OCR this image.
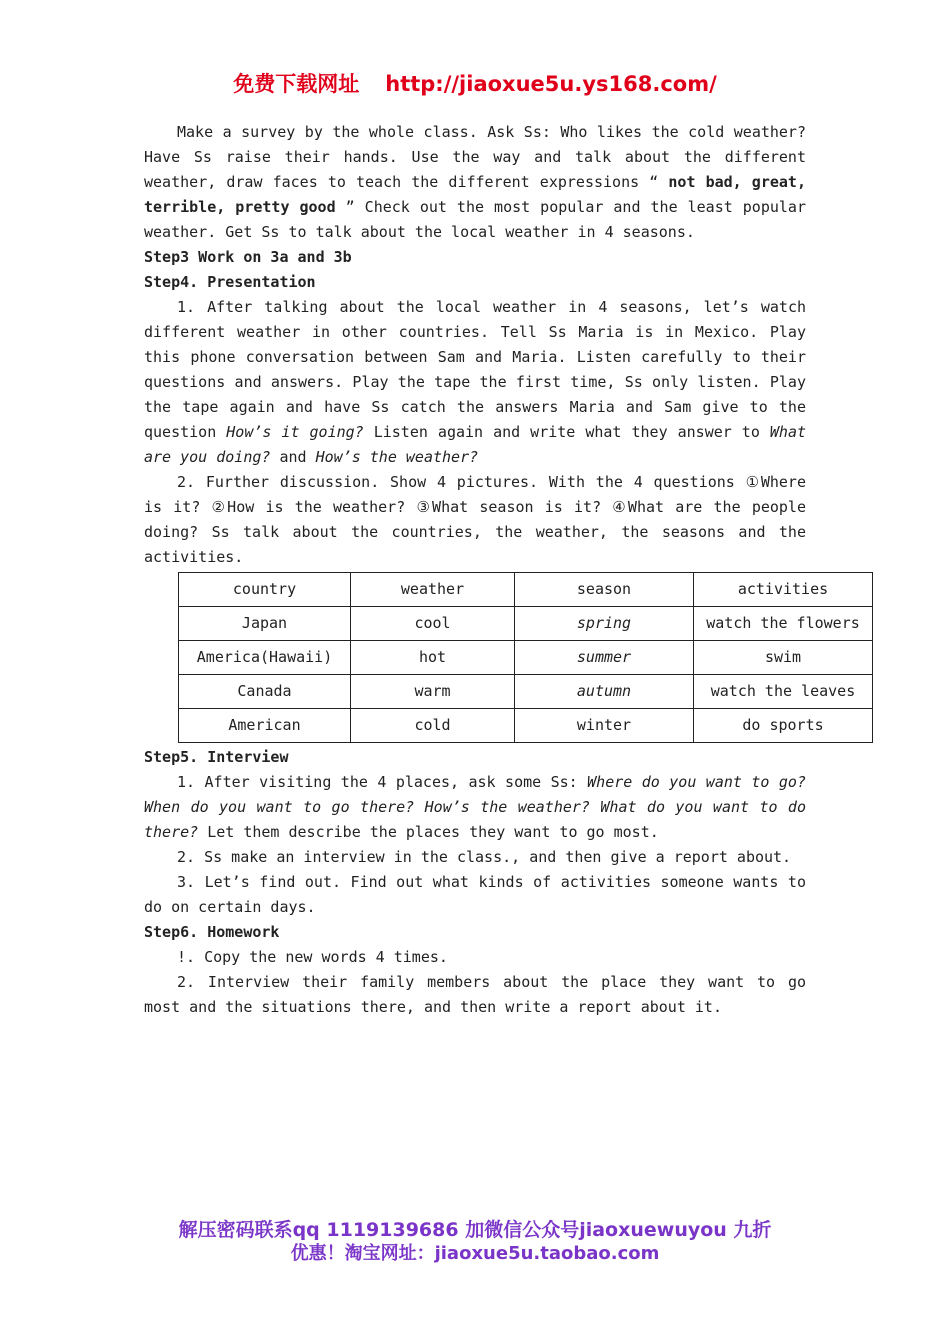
免费下载网址 http://jiaoxue5u.ys168.com/

Make a survey by the whole class. Ask Ss: Who likes the cold weather? Have Ss raise their hands. Use the way and talk about the different weather, draw faces to teach the different expressions “ not bad, great, terrible, pretty good ” Check out the most popular and the least popular weather. Get Ss to talk about the local weather in 4 seasons.

Step3 Work on 3a and 3b

Step4. Presentation

1. After talking about the local weather in 4 seasons, let’s watch different weather in other countries. Tell Ss Maria is in Mexico. Play this phone conversation between Sam and Maria. Listen carefully to their questions and answers. Play the tape the first time, Ss only listen. Play the tape again and have Ss catch the answers Maria and Sam give to the question How’s it going? Listen again and write what they answer to What are you doing? and How’s the weather?

2. Further discussion. Show 4 pictures. With the 4 questions ①Where is it? ②How is the weather? ③What season is it? ④What are the people doing? Ss talk about the countries, the weather, the seasons and the activities.

country	weather	season	activities
Japan	cool	spring	watch the flowers
America(Hawaii)	hot	summer	swim
Canada	warm	autumn	watch the leaves
American	cold	winter	do sports

Step5. Interview

1. After visiting the 4 places, ask some Ss: Where do you want to go? When do you want to go there? How’s the weather? What do you want to do there? Let them describe the places they want to go most.

2. Ss make an interview in the class., and then give a report about.

3. Let’s find out. Find out what kinds of activities someone wants to do on certain days.

Step6. Homework

!. Copy the new words 4 times.

2. Interview their family members about the place they want to go most and the situations there, and then write a report about it.

解压密码联系qq 1119139686 加微信公众号jiaoxuewuyou 九折
优惠！淘宝网址：jiaoxue5u.taobao.com
